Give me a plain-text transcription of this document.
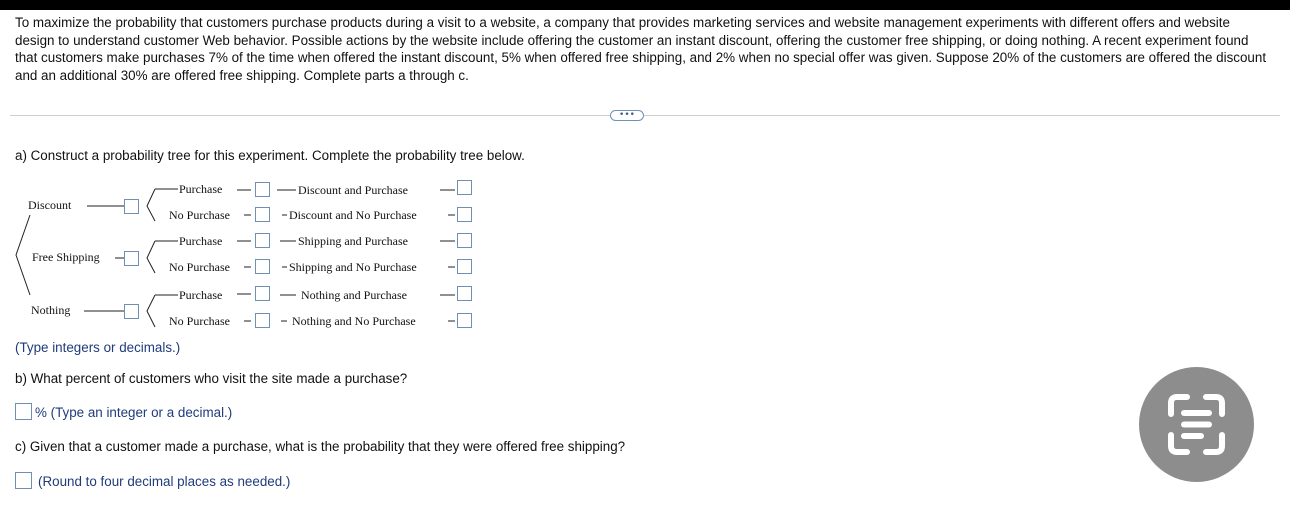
To maximize the probability that customers purchase products during a visit to a website, a company that provides marketing services and website management experiments with different offers and website design to understand customer Web behavior. Possible actions by the website include offering the customer an instant discount, offering the customer free shipping, or doing nothing. A recent experiment found that customers make purchases 7% of the time when offered the instant discount, 5% when offered free shipping, and 2% when no special offer was given. Suppose 20% of the customers are offered the discount and an additional 30% are offered free shipping. Complete parts a through c.
•••
a) Construct a probability tree for this experiment. Complete the probability tree below.
Discount
Free Shipping
Nothing
Purchase
No Purchase
Purchase
No Purchase
Purchase
No Purchase
Discount and Purchase
Discount and No Purchase
Shipping and Purchase
Shipping and No Purchase
Nothing and Purchase
Nothing and No Purchase
(Type integers or decimals.)
b) What percent of customers who visit the site made a purchase?
% (Type an integer or a decimal.)
c) Given that a customer made a purchase, what is the probability that they were offered free shipping?
(Round to four decimal places as needed.)
